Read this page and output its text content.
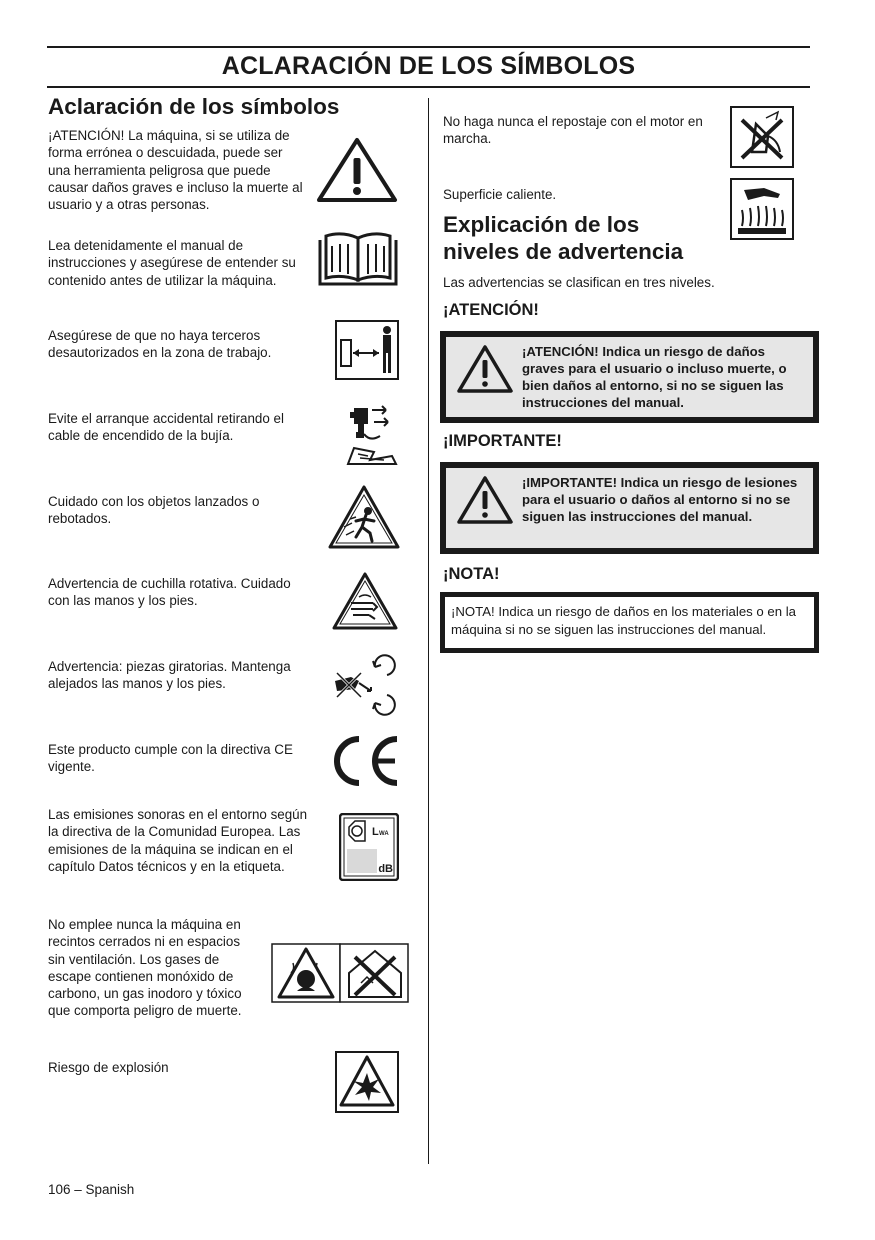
ACLARACIÓN DE LOS SÍMBOLOS
Aclaración de los símbolos

¡ATENCIÓN! La máquina, si se utiliza de forma errónea o descuidada, puede ser una herramienta peligrosa que puede causar daños graves e incluso la muerte al usuario y a otras personas.

Lea detenidamente el manual de instrucciones y asegúrese de entender su contenido antes de utilizar la máquina.

Asegúrese de que no haya terceros desautorizados en la zona de trabajo.

Evite el arranque accidental retirando el cable de encendido de la bujía.

Cuidado con los objetos lanzados o rebotados.

Advertencia de cuchilla rotativa. Cuidado con las manos y los pies.

Advertencia: piezas giratorias. Mantenga alejados las manos y los pies.

Este producto cumple con la directiva CE vigente.

Las emisiones sonoras en el entorno según la directiva de la Comunidad Europea. Las emisiones de la máquina se indican en el capítulo Datos técnicos y en la etiqueta.

L WA
dB

No emplee nunca la máquina en recintos cerrados ni en espacios sin ventilación. Los gases de escape contienen monóxido de carbono, un gas inodoro y tóxico que comporta peligro de muerte.

Riesgo de explosión

No haga nunca el repostaje con el motor en marcha.

Superficie caliente.

Explicación de los niveles de advertencia

Las advertencias se clasifican en tres niveles.

¡ATENCIÓN!
¡ATENCIÓN! Indica un riesgo de daños graves para el usuario o incluso muerte, o bien daños al entorno, si no se siguen las instrucciones del manual.
¡IMPORTANTE!
¡IMPORTANTE! Indica un riesgo de lesiones para el usuario o daños al entorno si no se siguen las instrucciones del manual.
¡NOTA!
¡NOTA! Indica un riesgo de daños en los materiales o en la máquina si no se siguen las instrucciones del manual.
106 – Spanish
